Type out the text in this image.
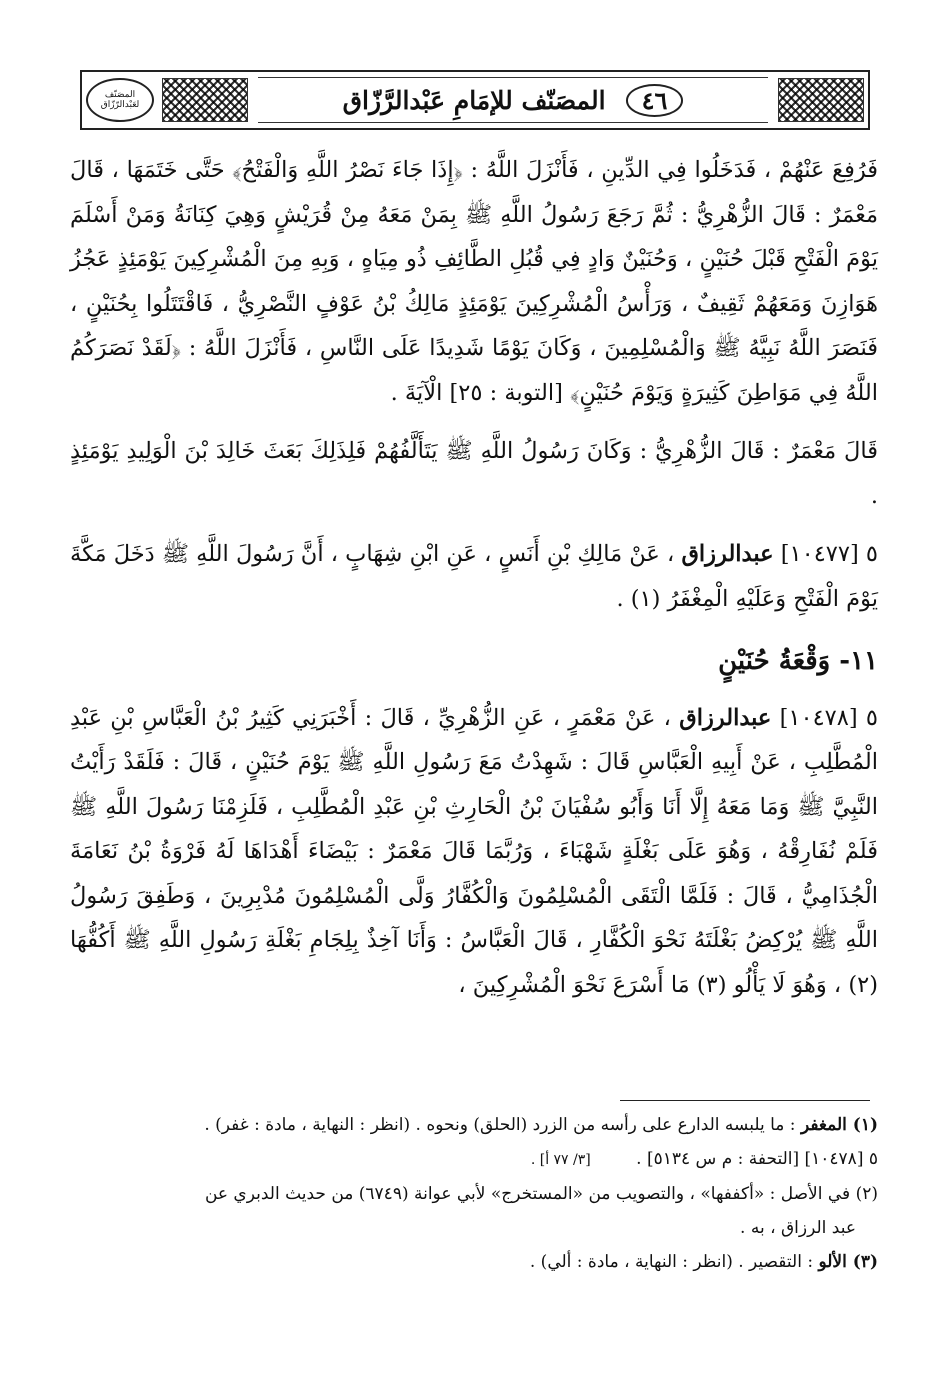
المصَنّف لعَبْدالرّزّاق	٤٦
المصَنّف للإمَامِ عَبْدالرَّزّاق

فَرُفِعَ عَنْهُمْ ، فَدَخَلُوا فِي الدِّينِ ، فَأَنْزَلَ اللَّهُ : ﴿إِذَا جَاءَ نَصْرُ اللَّهِ وَالْفَتْحُ﴾ حَتَّى خَتَمَهَا ، قَالَ مَعْمَرٌ : قَالَ الزُّهْرِيُّ : ثُمَّ رَجَعَ رَسُولُ اللَّهِ ﷺ بِمَنْ مَعَهُ مِنْ قُرَيْشٍ وَهِيَ كِنَانَةُ وَمَنْ أَسْلَمَ يَوْمَ الْفَتْحِ قَبْلَ حُنَيْنٍ ، وَحُنَيْنٌ وَادٍ فِي قُبُلِ الطَّائِفِ ذُو مِيَاهٍ ، وَبِهِ مِنَ الْمُشْرِكِينَ يَوْمَئِذٍ عَجُزُ هَوَازِنَ وَمَعَهُمْ ثَقِيفٌ ، وَرَأْسُ الْمُشْرِكِينَ يَوْمَئِذٍ مَالِكُ بْنُ عَوْفٍ النَّصْرِيُّ ، فَاقْتَتَلُوا بِحُنَيْنٍ ، فَنَصَرَ اللَّهُ نَبِيَّهُ ﷺ وَالْمُسْلِمِينَ ، وَكَانَ يَوْمًا شَدِيدًا عَلَى النَّاسِ ، فَأَنْزَلَ اللَّهُ : ﴿لَقَدْ نَصَرَكُمُ اللَّهُ فِي مَوَاطِنَ كَثِيرَةٍ وَيَوْمَ حُنَيْنٍ﴾ [التوبة : ٢٥] الْآيَةَ .

قَالَ مَعْمَرٌ : قَالَ الزُّهْرِيُّ : وَكَانَ رَسُولُ اللَّهِ ﷺ يَتَأَلَّفُهُمْ فَلِذَلِكَ بَعَثَ خَالِدَ بْنَ الْوَلِيدِ يَوْمَئِذٍ .

٥ [١٠٤٧٧] عبدالرزاق ، عَنْ مَالِكِ بْنِ أَنَسٍ ، عَنِ ابْنِ شِهَابٍ ، أَنَّ رَسُولَ اللَّهِ ﷺ دَخَلَ مَكَّةَ يَوْمَ الْفَتْحِ وَعَلَيْهِ الْمِغْفَرُ (١) .

١١- وَقْعَةُ حُنَيْنٍ

٥ [١٠٤٧٨] عبدالرزاق ، عَنْ مَعْمَرٍ ، عَنِ الزُّهْرِيِّ ، قَالَ : أَخْبَرَنِي كَثِيرُ بْنُ الْعَبَّاسِ بْنِ عَبْدِ الْمُطَّلِبِ ، عَنْ أَبِيهِ الْعَبَّاسِ قَالَ : شَهِدْتُ مَعَ رَسُولِ اللَّهِ ﷺ يَوْمَ حُنَيْنٍ ، قَالَ : فَلَقَدْ رَأَيْتُ النَّبِيَّ ﷺ وَمَا مَعَهُ إِلَّا أَنَا وَأَبُو سُفْيَانَ بْنُ الْحَارِثِ بْنِ عَبْدِ الْمُطَّلِبِ ، فَلَزِمْنَا رَسُولَ اللَّهِ ﷺ فَلَمْ نُفَارِقْهُ ، وَهُوَ عَلَى بَغْلَةٍ شَهْبَاءَ ، وَرُبَّمَا قَالَ مَعْمَرٌ : بَيْضَاءَ أَهْدَاهَا لَهُ فَرْوَةُ بْنُ نَعَامَةَ الْجُذَامِيُّ ، قَالَ : فَلَمَّا الْتَقَى الْمُسْلِمُونَ وَالْكُفَّارُ وَلَّى الْمُسْلِمُونَ مُدْبِرِينَ ، وَطَفِقَ رَسُولُ اللَّهِ ﷺ يُرْكِضُ بَغْلَتَهُ نَحْوَ الْكُفَّارِ ، قَالَ الْعَبَّاسُ : وَأَنَا آخِذٌ بِلِجَامِ بَغْلَةِ رَسُولِ اللَّهِ ﷺ أَكُفُّهَا (٢) ، وَهُوَ لَا يَأْلُو (٣) مَا أَسْرَعَ نَحْوَ الْمُشْرِكِينَ ،

(١) المغفر : ما يلبسه الدارع على رأسه من الزرد (الحلق) ونحوه . (انظر : النهاية ، مادة : غفر) .

٥ [١٠٤٧٨] [التحفة : م س ٥١٣٤] . [٣/ ٧٧ أ] .

(٢) في الأصل : «أكففها» ، والتصويب من «المستخرج» لأبي عوانة (٦٧٤٩) من حديث الدبري عن

عبد الرزاق ، به .

(٣) الألو : التقصير . (انظر : النهاية ، مادة : ألي) .
